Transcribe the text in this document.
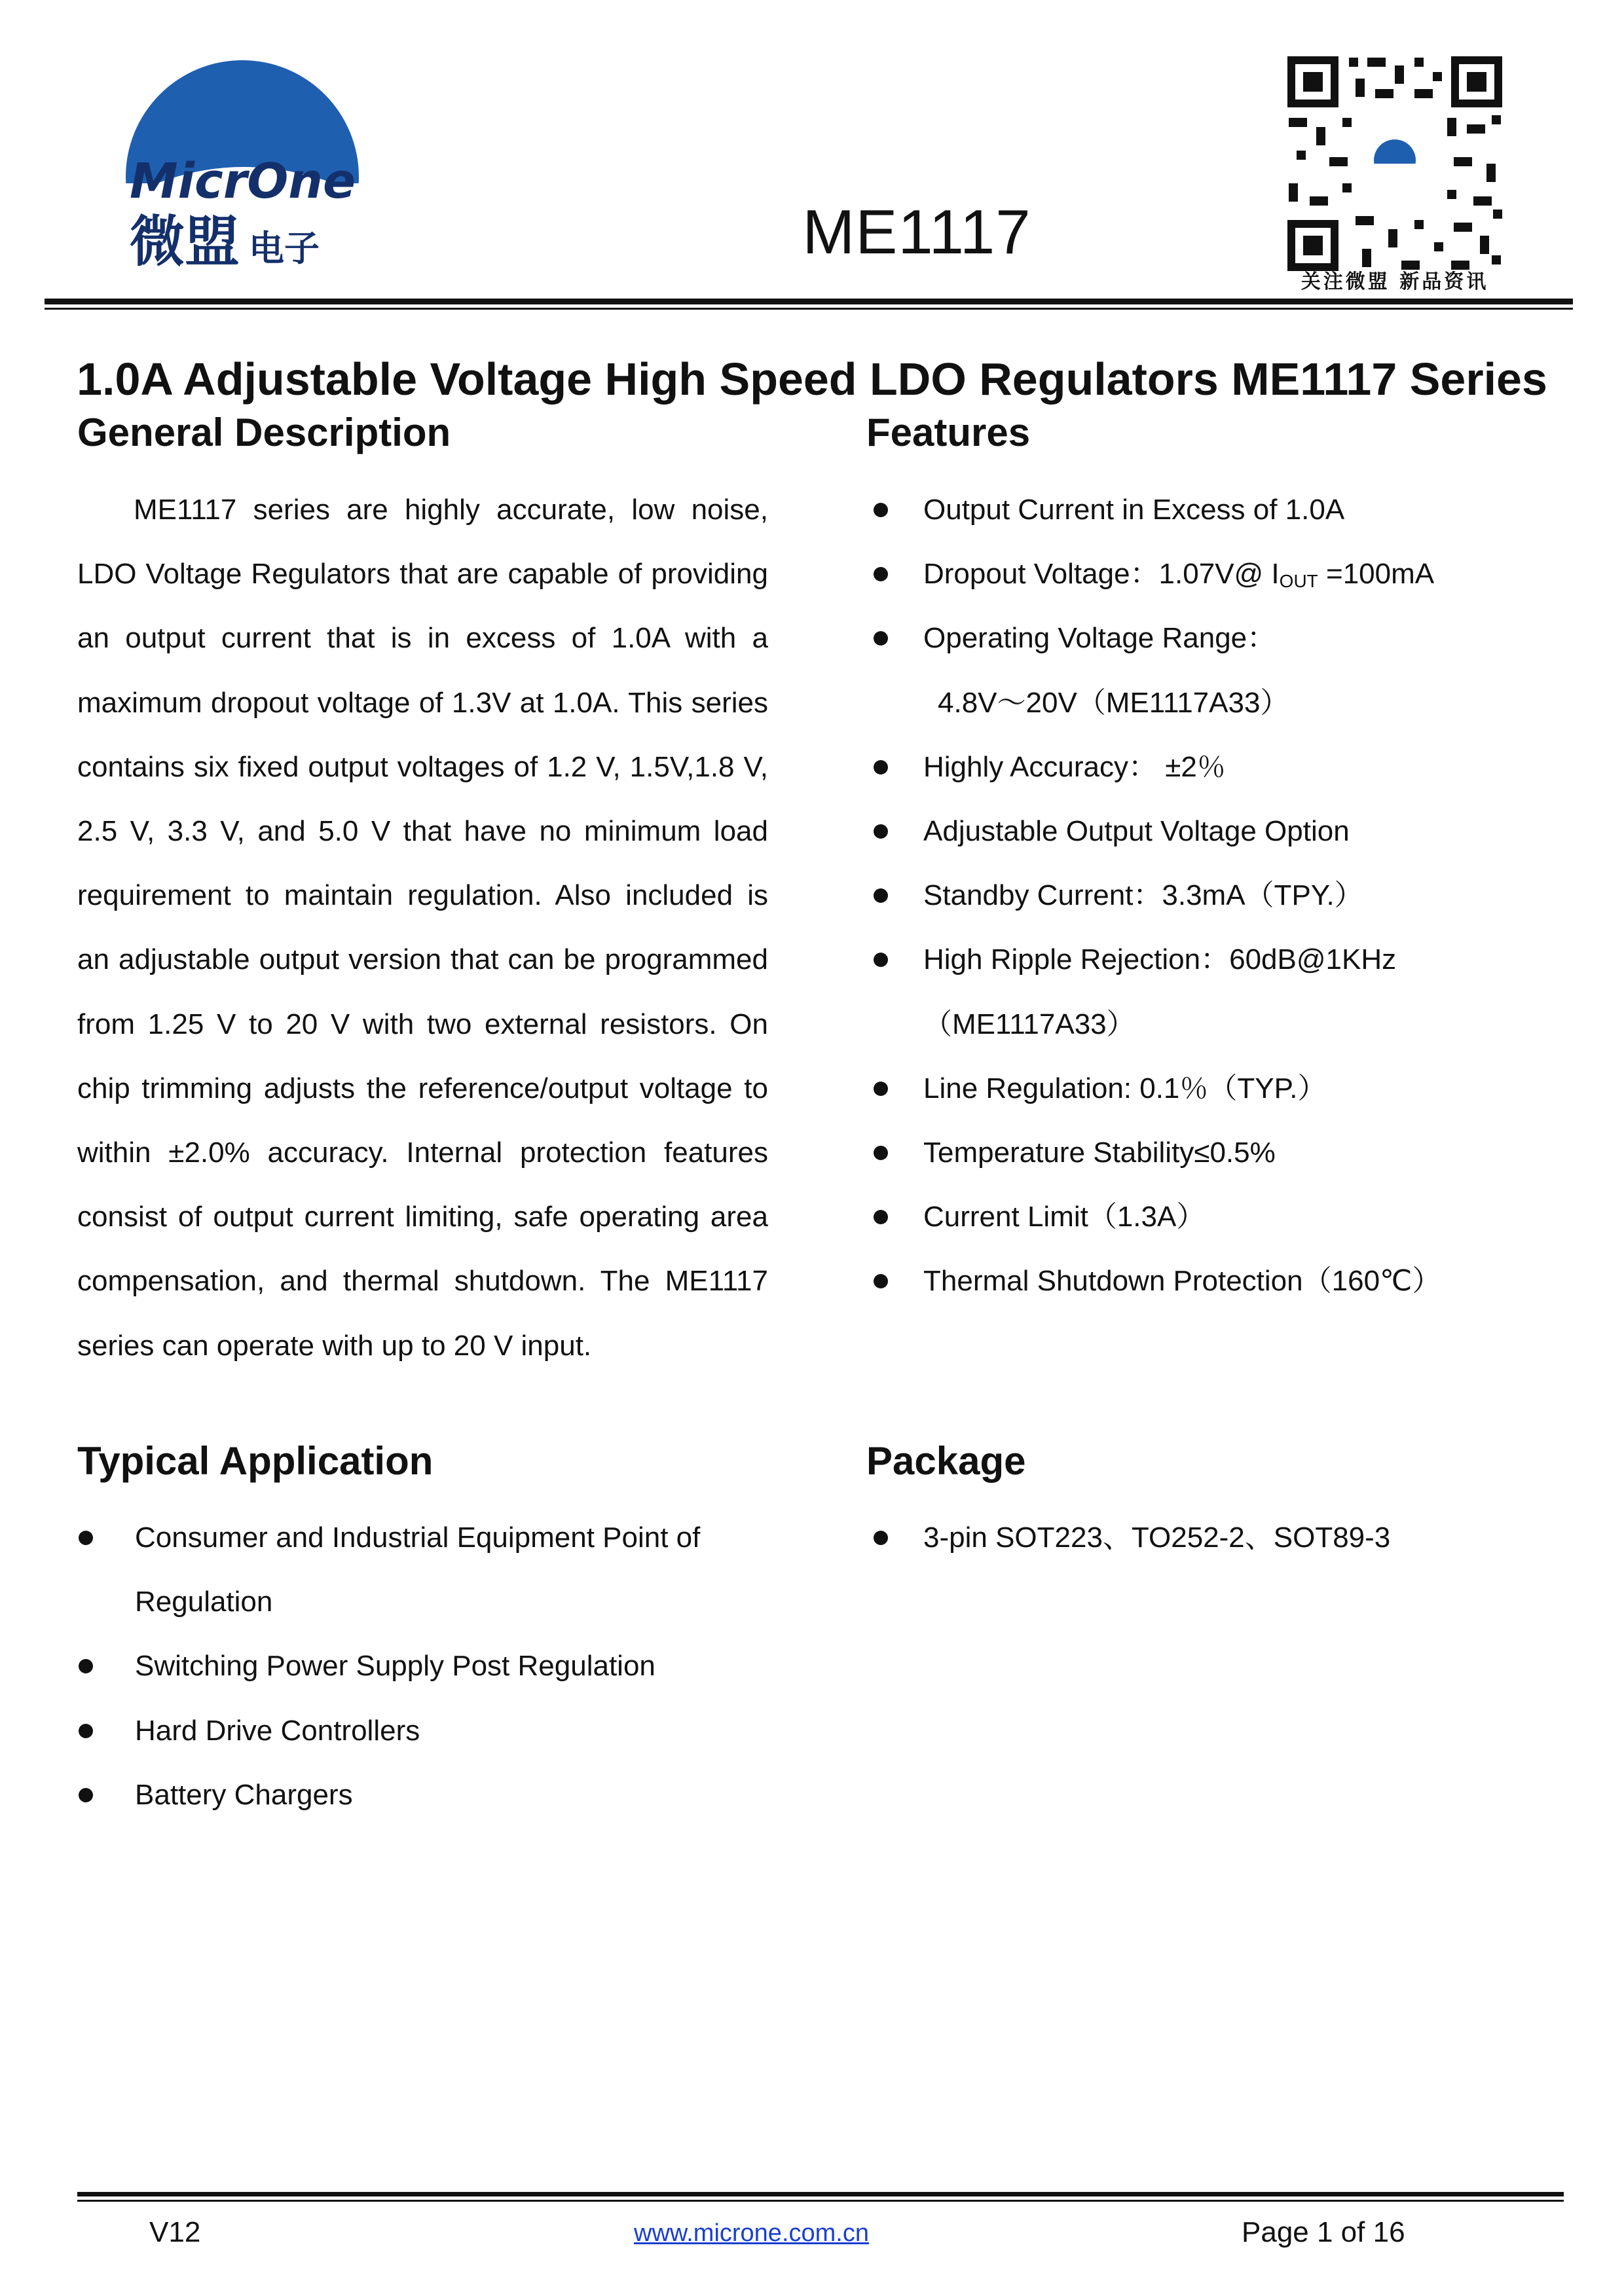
MicrOne
微盟 电子	ME1117
关注微盟 新品资讯
1.0A Adjustable Voltage High Speed LDO Regulators ME1117 Series
General Description

ME1117 series are highly accurate, low noise, LDO Voltage Regulators that are capable of providing an output current that is in excess of 1.0A with a maximum dropout voltage of 1.3V at 1.0A. This series contains six fixed output voltages of 1.2 V, 1.5V,1.8 V, 2.5 V, 3.3 V, and 5.0 V that have no minimum load requirement to maintain regulation. Also included is an adjustable output version that can be programmed from 1.25 V to 20 V with two external resistors. On chip trimming adjusts the reference/output voltage to within ±2.0% accuracy. Internal protection features consist of output current limiting, safe operating area compensation, and thermal shutdown. The ME1117 series can operate with up to 20 V input.

Features
Output Current in Excess of 1.0A
Dropout Voltage：1.07V@ $I_{OUT} =100mA$
Operating Voltage Range：
4.8V～20V（ME1117A33）
Highly Accuracy： ±2％
Adjustable Output Voltage Option
Standby Current：3.3mA（TPY.）
High Ripple Rejection：60dB@1KHz
（ME1117A33）
Line Regulation: 0.1％（TYP.）
Temperature Stability≤0.5%
Current Limit（1.3A）
Thermal Shutdown Protection（160℃）
Typical Application
Consumer and Industrial Equipment Point of
Regulation
Switching Power Supply Post Regulation
Hard Drive Controllers
Battery Chargers
Package
3-pin SOT223、TO252-2、SOT89-3
V12	www.microne.com.cn	Page 1 of 16
